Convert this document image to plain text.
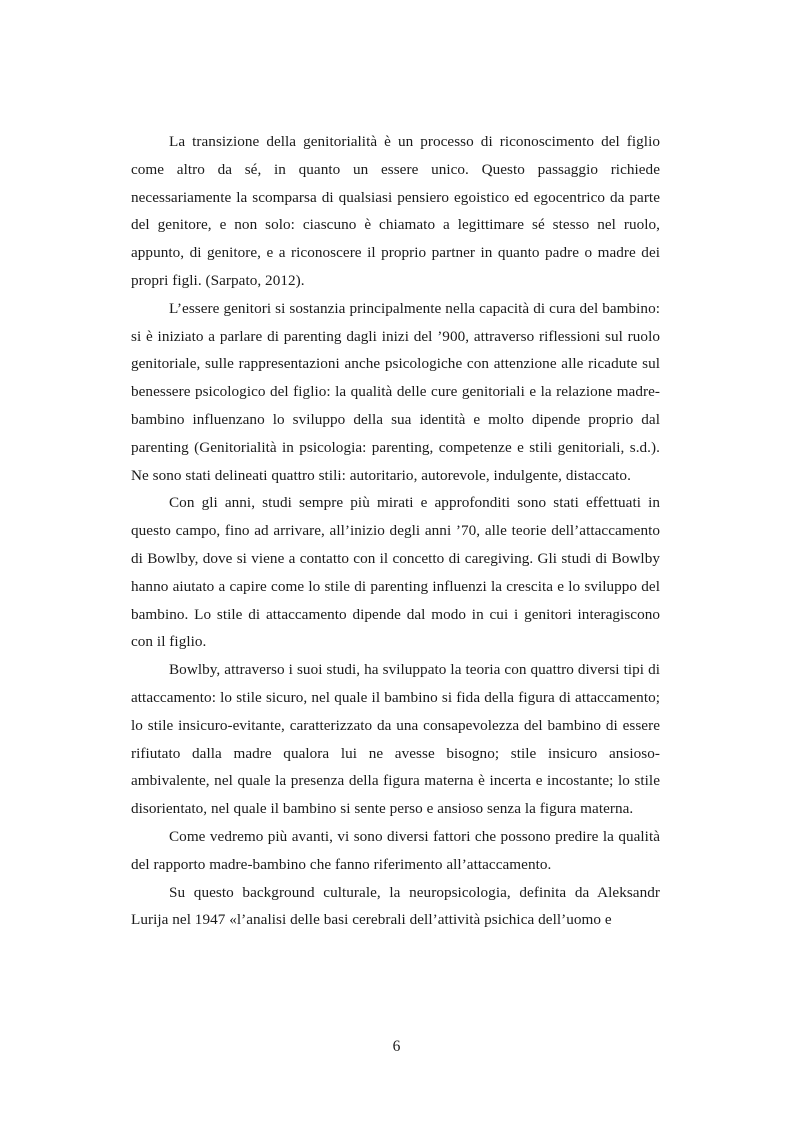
La transizione della genitorialità è un processo di riconoscimento del figlio come altro da sé, in quanto un essere unico. Questo passaggio richiede necessariamente la scomparsa di qualsiasi pensiero egoistico ed egocentrico da parte del genitore, e non solo: ciascuno è chiamato a legittimare sé stesso nel ruolo, appunto, di genitore, e a riconoscere il proprio partner in quanto padre o madre dei propri figli. (Sarpato, 2012).

L’essere genitori si sostanzia principalmente nella capacità di cura del bambino: si è iniziato a parlare di parenting dagli inizi del ’900, attraverso riflessioni sul ruolo genitoriale, sulle rappresentazioni anche psicologiche con attenzione alle ricadute sul benessere psicologico del figlio: la qualità delle cure genitoriali e la relazione madre-bambino influenzano lo sviluppo della sua identità e molto dipende proprio dal parenting (Genitorialità in psicologia: parenting, competenze e stili genitoriali, s.d.). Ne sono stati delineati quattro stili: autoritario, autorevole, indulgente, distaccato.

Con gli anni, studi sempre più mirati e approfonditi sono stati effettuati in questo campo, fino ad arrivare, all’inizio degli anni ’70, alle teorie dell’attaccamento di Bowlby, dove si viene a contatto con il concetto di caregiving. Gli studi di Bowlby hanno aiutato a capire come lo stile di parenting influenzi la crescita e lo sviluppo del bambino. Lo stile di attaccamento dipende dal modo in cui i genitori interagiscono con il figlio.

Bowlby, attraverso i suoi studi, ha sviluppato la teoria con quattro diversi tipi di attaccamento: lo stile sicuro, nel quale il bambino si fida della figura di attaccamento; lo stile insicuro-evitante, caratterizzato da una consapevolezza del bambino di essere rifiutato dalla madre qualora lui ne avesse bisogno; stile insicuro ansioso-ambivalente, nel quale la presenza della figura materna è incerta e incostante; lo stile disorientato, nel quale il bambino si sente perso e ansioso senza la figura materna.

Come vedremo più avanti, vi sono diversi fattori che possono predire la qualità del rapporto madre-bambino che fanno riferimento all’attaccamento.

Su questo background culturale, la neuropsicologia, definita da Aleksandr Lurija nel 1947 «l’analisi delle basi cerebrali dell’attività psichica dell’uomo e

6
